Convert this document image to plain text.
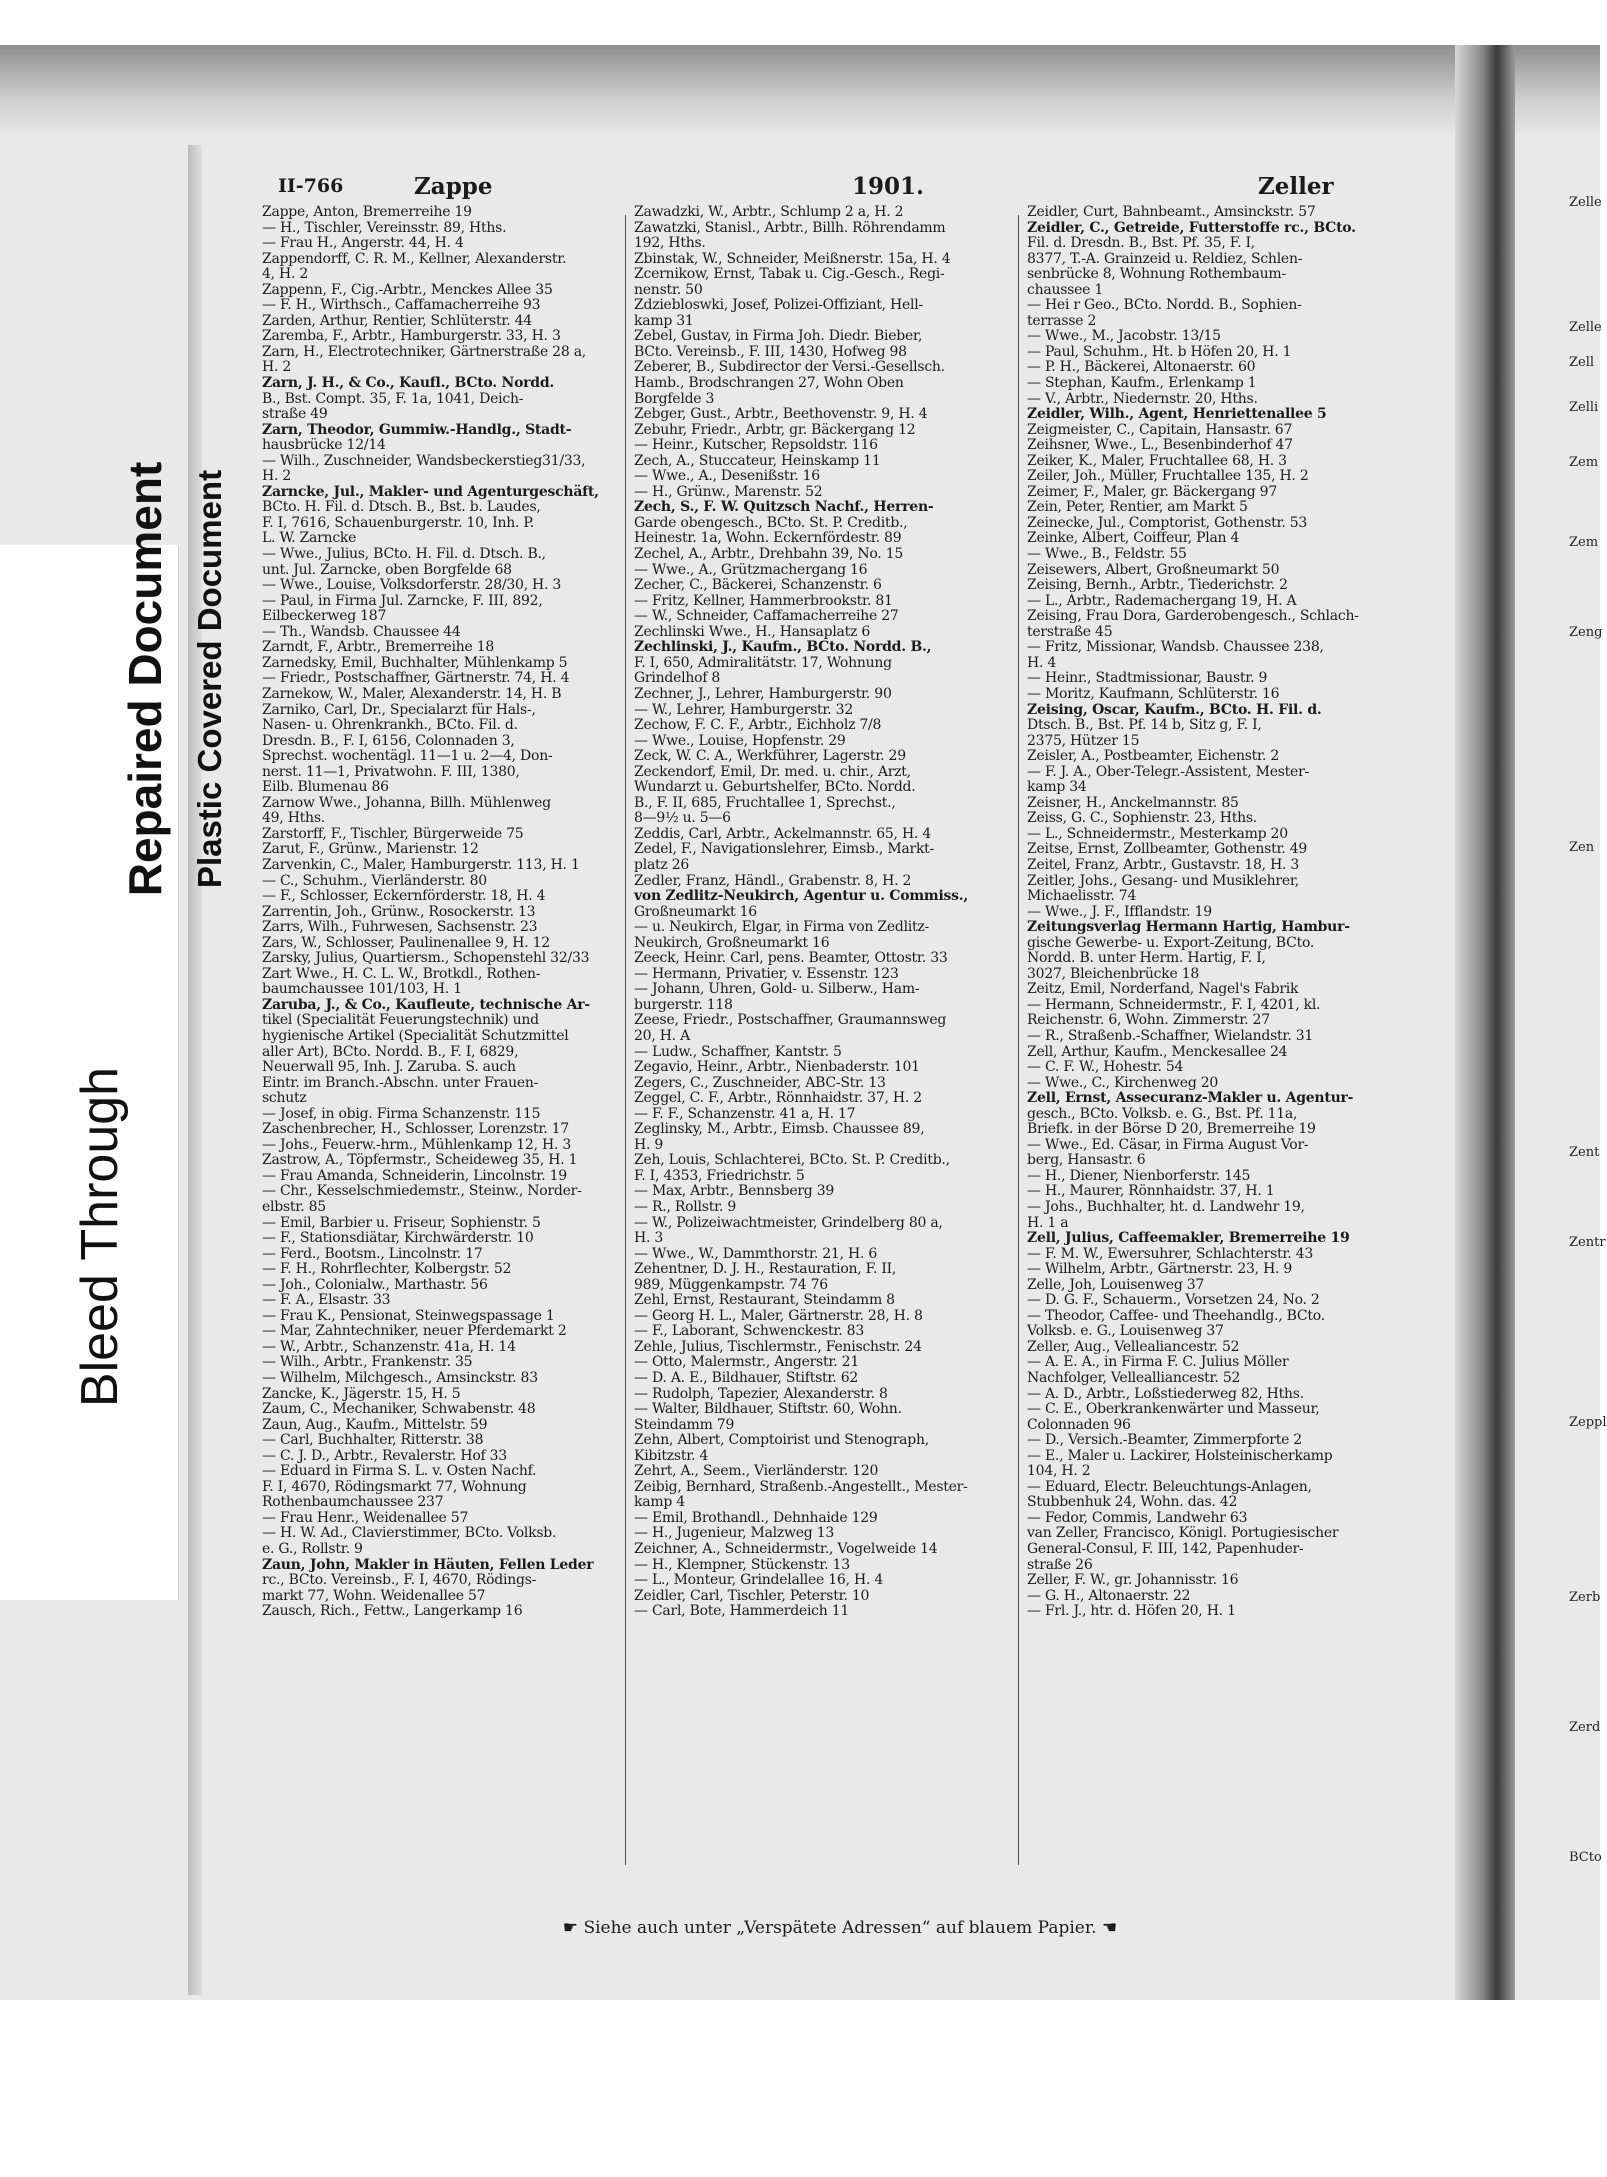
Repaired Document Plastic Covered Document
Bleed Through
II-766	Zappe	1901.	Zeller
Zappe, Anton, Bremerreihe 19
— H., Tischler, Vereinsstr. 89, Hths.
— Frau H., Angerstr. 44, H. 4
Zappendorff, C. R. M., Kellner, Alexanderstr.
4, H. 2
Zappenn, F., Cig.-Arbtr., Menckes Allee 35
— F. H., Wirthsch., Caffamacherreihe 93
Zarden, Arthur, Rentier, Schlüterstr. 44
Zaremba, F., Arbtr., Hamburgerstr. 33, H. 3
Zarn, H., Electrotechniker, Gärtnerstraße 28 a,
H. 2
Zarn, J. H., & Co., Kaufl., BCto. Nordd.
B., Bst. Compt. 35, F. 1a, 1041, Deich-
straße 49
Zarn, Theodor, Gummiw.-Handlg., Stadt-
hausbrücke 12/14
— Wilh., Zuschneider, Wandsbeckerstieg31/33,
H. 2
Zarncke, Jul., Makler- und Agenturgeschäft,
BCto. H. Fil. d. Dtsch. B., Bst. b. Laudes,
F. I, 7616, Schauenburgerstr. 10, Inh. P.
L. W. Zarncke
— Wwe., Julius, BCto. H. Fil. d. Dtsch. B.,
unt. Jul. Zarncke, oben Borgfelde 68
— Wwe., Louise, Volksdorferstr. 28/30, H. 3
— Paul, in Firma Jul. Zarncke, F. III, 892,
Eilbeckerweg 187
— Th., Wandsb. Chaussee 44
Zarndt, F., Arbtr., Bremerreihe 18
Zarnedsky, Emil, Buchhalter, Mühlenkamp 5
— Friedr., Postschaffner, Gärtnerstr. 74, H. 4
Zarnekow, W., Maler, Alexanderstr. 14, H. B
Zarniko, Carl, Dr., Specialarzt für Hals-,
Nasen- u. Ohrenkrankh., BCto. Fil. d.
Dresdn. B., F. I, 6156, Colonnaden 3,
Sprechst. wochentägl. 11—1 u. 2—4, Don-
nerst. 11—1, Privatwohn. F. III, 1380,
Eilb. Blumenau 86
Zarnow Wwe., Johanna, Billh. Mühlenweg
49, Hths.
Zarstorff, F., Tischler, Bürgerweide 75
Zarut, F., Grünw., Marienstr. 12
Zarvenkin, C., Maler, Hamburgerstr. 113, H. 1
— C., Schuhm., Vierländerstr. 80
— F., Schlosser, Eckernförderstr. 18, H. 4
Zarrentin, Joh., Grünw., Rosockerstr. 13
Zarrs, Wilh., Fuhrwesen, Sachsenstr. 23
Zars, W., Schlosser, Paulinenallee 9, H. 12
Zarsky, Julius, Quartiersm., Schopenstehl 32/33
Zart Wwe., H. C. L. W., Brotkdl., Rothen-
baumchaussee 101/103, H. 1
Zaruba, J., & Co., Kaufleute, technische Ar-
tikel (Specialität Feuerungstechnik) und
hygienische Artikel (Specialität Schutzmittel
aller Art), BCto. Nordd. B., F. I, 6829,
Neuerwall 95, Inh. J. Zaruba. S. auch
Eintr. im Branch.-Abschn. unter Frauen-
schutz
— Josef, in obig. Firma Schanzenstr. 115
Zaschenbrecher, H., Schlosser, Lorenzstr. 17
— Johs., Feuerw.-hrm., Mühlenkamp 12, H. 3
Zastrow, A., Töpfermstr., Scheideweg 35, H. 1
— Frau Amanda, Schneiderin, Lincolnstr. 19
— Chr., Kesselschmiedemstr., Steinw., Norder-
elbstr. 85
— Emil, Barbier u. Friseur, Sophienstr. 5
— F., Stationsdiätar, Kirchwärderstr. 10
— Ferd., Bootsm., Lincolnstr. 17
— F. H., Rohrflechter, Kolbergstr. 52
— Joh., Colonialw., Marthastr. 56
— F. A., Elsastr. 33
— Frau K., Pensionat, Steinwegspassage 1
— Mar, Zahntechniker, neuer Pferdemarkt 2
— W., Arbtr., Schanzenstr. 41a, H. 14
— Wilh., Arbtr., Frankenstr. 35
— Wilhelm, Milchgesch., Amsinckstr. 83
Zancke, K., Jägerstr. 15, H. 5
Zaum, C., Mechaniker, Schwabenstr. 48
Zaun, Aug., Kaufm., Mittelstr. 59
— Carl, Buchhalter, Ritterstr. 38
— C. J. D., Arbtr., Revalerstr. Hof 33
— Eduard in Firma S. L. v. Osten Nachf.
F. I, 4670, Rödingsmarkt 77, Wohnung
Rothenbaumchaussee 237
— Frau Henr., Weidenallee 57
— H. W. Ad., Clavierstimmer, BCto. Volksb.
e. G., Rollstr. 9
Zaun, John, Makler in Häuten, Fellen Leder
rc., BCto. Vereinsb., F. I, 4670, Rödings-
markt 77, Wohn. Weidenallee 57
Zausch, Rich., Fettw., Langerkamp 16
Zawadzki, W., Arbtr., Schlump 2 a, H. 2
Zawatzki, Stanisl., Arbtr., Billh. Röhrendamm
192, Hths.
Zbinstak, W., Schneider, Meißnerstr. 15a, H. 4
Zcernikow, Ernst, Tabak u. Cig.-Gesch., Regi-
nenstr. 50
Zdziebloswki, Josef, Polizei-Offiziant, Hell-
kamp 31
Zebel, Gustav, in Firma Joh. Diedr. Bieber,
BCto. Vereinsb., F. III, 1430, Hofweg 98
Zeberer, B., Subdirector der Versi.-Gesellsch.
Hamb., Brodschrangen 27, Wohn Oben
Borgfelde 3
Zebger, Gust., Arbtr., Beethovenstr. 9, H. 4
Zebuhr, Friedr., Arbtr, gr. Bäckergang 12
— Heinr., Kutscher, Repsoldstr. 116
Zech, A., Stuccateur, Heinskamp 11
— Wwe., A., Desenißstr. 16
— H., Grünw., Marenstr. 52
Zech, S., F. W. Quitzsch Nachf., Herren-
Garde obengesch., BCto. St. P. Creditb.,
Heinestr. 1a, Wohn. Eckernfördestr. 89
Zechel, A., Arbtr., Drehbahn 39, No. 15
— Wwe., A., Grützmachergang 16
Zecher, C., Bäckerei, Schanzenstr. 6
— Fritz, Kellner, Hammerbrookstr. 81
— W., Schneider, Caffamacherreihe 27
Zechlinski Wwe., H., Hansaplatz 6
Zechlinski, J., Kaufm., BCto. Nordd. B.,
F. I, 650, Admiralitätstr. 17, Wohnung
Grindelhof 8
Zechner, J., Lehrer, Hamburgerstr. 90
— W., Lehrer, Hamburgerstr. 32
Zechow, F. C. F., Arbtr., Eichholz 7/8
— Wwe., Louise, Hopfenstr. 29
Zeck, W. C. A., Werkführer, Lagerstr. 29
Zeckendorf, Emil, Dr. med. u. chir., Arzt,
Wundarzt u. Geburtshelfer, BCto. Nordd.
B., F. II, 685, Fruchtallee 1, Sprechst.,
8—9½ u. 5—6
Zeddis, Carl, Arbtr., Ackelmannstr. 65, H. 4
Zedel, F., Navigationslehrer, Eimsb., Markt-
platz 26
Zedler, Franz, Händl., Grabenstr. 8, H. 2
von Zedlitz-Neukirch, Agentur u. Commiss.,
Großneumarkt 16
— u. Neukirch, Elgar, in Firma von Zedlitz-
Neukirch, Großneumarkt 16
Zeeck, Heinr. Carl, pens. Beamter, Ottostr. 33
— Hermann, Privatier, v. Essenstr. 123
— Johann, Uhren, Gold- u. Silberw., Ham-
burgerstr. 118
Zeese, Friedr., Postschaffner, Graumannsweg
20, H. A
— Ludw., Schaffner, Kantstr. 5
Zegavio, Heinr., Arbtr., Nienbaderstr. 101
Zegers, C., Zuschneider, ABC-Str. 13
Zeggel, C. F., Arbtr., Rönnhaidstr. 37, H. 2
— F. F., Schanzenstr. 41 a, H. 17
Zeglinsky, M., Arbtr., Eimsb. Chaussee 89,
H. 9
Zeh, Louis, Schlachterei, BCto. St. P. Creditb.,
F. I, 4353, Friedrichstr. 5
— Max, Arbtr., Bennsberg 39
— R., Rollstr. 9
— W., Polizeiwachtmeister, Grindelberg 80 a,
H. 3
— Wwe., W., Dammthorstr. 21, H. 6
Zehentner, D. J. H., Restauration, F. II,
989, Müggenkampstr. 74 76
Zehl, Ernst, Restaurant, Steindamm 8
— Georg H. L., Maler, Gärtnerstr. 28, H. 8
— F., Laborant, Schwenckestr. 83
Zehle, Julius, Tischlermstr., Fenischstr. 24
— Otto, Malermstr., Angerstr. 21
— D. A. E., Bildhauer, Stiftstr. 62
— Rudolph, Tapezier, Alexanderstr. 8
— Walter, Bildhauer, Stiftstr. 60, Wohn.
Steindamm 79
Zehn, Albert, Comptoirist und Stenograph,
Kibitzstr. 4
Zehrt, A., Seem., Vierländerstr. 120
Zeibig, Bernhard, Straßenb.-Angestellt., Mester-
kamp 4
— Emil, Brothandl., Dehnhaide 129
— H., Jugenieur, Malzweg 13
Zeichner, A., Schneidermstr., Vogelweide 14
— H., Klempner, Stückenstr. 13
— L., Monteur, Grindelallee 16, H. 4
Zeidler, Carl, Tischler, Peterstr. 10
— Carl, Bote, Hammerdeich 11
Zeidler, Curt, Bahnbeamt., Amsinckstr. 57
Zeidler, C., Getreide, Futterstoffe rc., BCto.
Fil. d. Dresdn. B., Bst. Pf. 35, F. I,
8377, T.-A. Grainzeid u. Reldiez, Schlen-
senbrücke 8, Wohnung Rothembaum-
chaussee 1
— Hei r Geo., BCto. Nordd. B., Sophien-
terrasse 2
— Wwe., M., Jacobstr. 13/15
— Paul, Schuhm., Ht. b Höfen 20, H. 1
— P. H., Bäckerei, Altonaerstr. 60
— Stephan, Kaufm., Erlenkamp 1
— V., Arbtr., Niedernstr. 20, Hths.
Zeidler, Wilh., Agent, Henriettenallee 5
Zeigmeister, C., Capitain, Hansastr. 67
Zeihsner, Wwe., L., Besenbinderhof 47
Zeiker, K., Maler, Fruchtallee 68, H. 3
Zeiler, Joh., Müller, Fruchtallee 135, H. 2
Zeimer, F., Maler, gr. Bäckergang 97
Zein, Peter, Rentier, am Markt 5
Zeinecke, Jul., Comptorist, Gothenstr. 53
Zeinke, Albert, Coiffeur, Plan 4
— Wwe., B., Feldstr. 55
Zeisewers, Albert, Großneumarkt 50
Zeising, Bernh., Arbtr., Tiederichstr. 2
— L., Arbtr., Rademachergang 19, H. A
Zeising, Frau Dora, Garderobengesch., Schlach-
terstraße 45
— Fritz, Missionar, Wandsb. Chaussee 238,
H. 4
— Heinr., Stadtmissionar, Baustr. 9
— Moritz, Kaufmann, Schlüterstr. 16
Zeising, Oscar, Kaufm., BCto. H. Fil. d.
Dtsch. B., Bst. Pf. 14 b, Sitz g, F. I,
2375, Hützer 15
Zeisler, A., Postbeamter, Eichenstr. 2
— F. J. A., Ober-Telegr.-Assistent, Mester-
kamp 34
Zeisner, H., Anckelmannstr. 85
Zeiss, G. C., Sophienstr. 23, Hths.
— L., Schneidermstr., Mesterkamp 20
Zeitse, Ernst, Zollbeamter, Gothenstr. 49
Zeitel, Franz, Arbtr., Gustavstr. 18, H. 3
Zeitler, Johs., Gesang- und Musiklehrer,
Michaelisstr. 74
— Wwe., J. F., Ifflandstr. 19
Zeitungsverlag Hermann Hartig, Hambur-
gische Gewerbe- u. Export-Zeitung, BCto.
Nordd. B. unter Herm. Hartig, F. I,
3027, Bleichenbrücke 18
Zeitz, Emil, Norderfand, Nagel's Fabrik
— Hermann, Schneidermstr., F. I, 4201, kl.
Reichenstr. 6, Wohn. Zimmerstr. 27
— R., Straßenb.-Schaffner, Wielandstr. 31
Zell, Arthur, Kaufm., Menckesallee 24
— C. F. W., Hohestr. 54
— Wwe., C., Kirchenweg 20
Zell, Ernst, Assecuranz-Makler u. Agentur-
gesch., BCto. Volksb. e. G., Bst. Pf. 11a,
Briefk. in der Börse D 20, Bremerreihe 19
— Wwe., Ed. Cäsar, in Firma August Vor-
berg, Hansastr. 6
— H., Diener, Nienborferstr. 145
— H., Maurer, Rönnhaidstr. 37, H. 1
— Johs., Buchhalter, ht. d. Landwehr 19,
H. 1 a
Zell, Julius, Caffeemakler, Bremerreihe 19
— F. M. W., Ewersuhrer, Schlachterstr. 43
— Wilhelm, Arbtr., Gärtnerstr. 23, H. 9
Zelle, Joh, Louisenweg 37
— D. G. F., Schauerm., Vorsetzen 24, No. 2
— Theodor, Caffee- und Theehandlg., BCto.
Volksb. e. G., Louisenweg 37
Zeller, Aug., Vellealiancestr. 52
— A. E. A., in Firma F. C. Julius Möller
Nachfolger, Vellealliancestr. 52
— A. D., Arbtr., Loßstiederweg 82, Hths.
— C. E., Oberkrankenwärter und Masseur,
Colonnaden 96
— D., Versich.-Beamter, Zimmerpforte 2
— E., Maler u. Lackirer, Holsteinischerkamp
104, H. 2
— Eduard, Electr. Beleuchtungs-Anlagen,
Stubbenhuk 24, Wohn. das. 42
— Fedor, Commis, Landwehr 63
van Zeller, Francisco, Königl. Portugiesischer
General-Consul, F. III, 142, Papenhuder-
straße 26
Zeller, F. W., gr. Johannisstr. 16
— G. H., Altonaerstr. 22
— Frl. J., htr. d. Höfen 20, H. 1
☛ Siehe auch unter „Verspätete Adressen“ auf blauem Papier. ☚
Zelle
Zelle
Zell
Zelli
Zem
Zem
Zeng
Zen
Zent
Zentr
Zeppl
Zerb
Zerd
BCto
